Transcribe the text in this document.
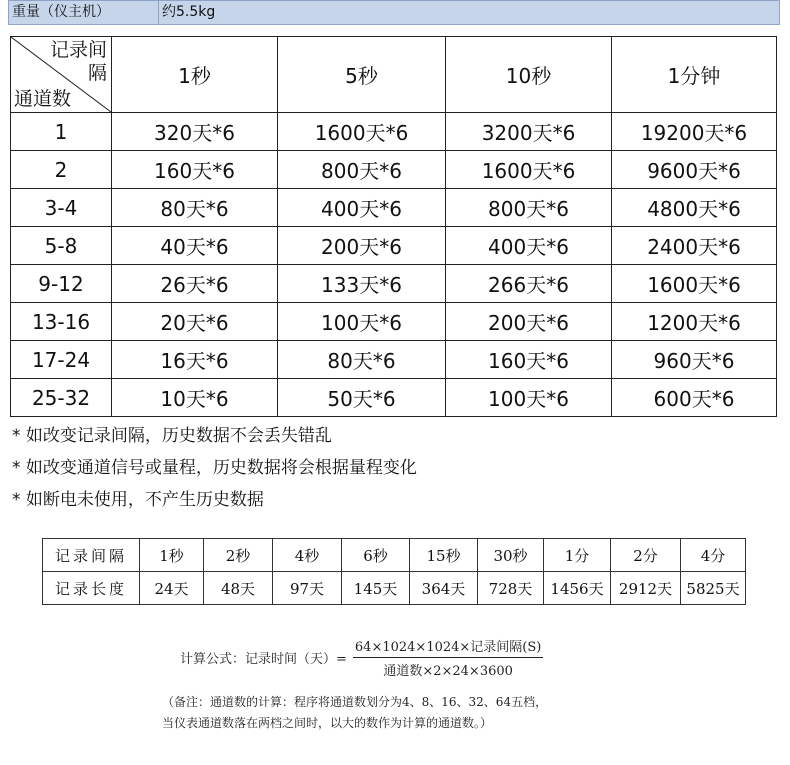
重量（仪主机）	约5.5kg
记录间隔
通道数	1秒	5秒	10秒	1分钟
1	320天*6	1600天*6	3200天*6	19200天*6
2	160天*6	800天*6	1600天*6	9600天*6
3-4	80天*6	400天*6	800天*6	4800天*6
5-8	40天*6	200天*6	400天*6	2400天*6
9-12	26天*6	133天*6	266天*6	1600天*6
13-16	20天*6	100天*6	200天*6	1200天*6
17-24	16天*6	80天*6	160天*6	960天*6
25-32	10天*6	50天*6	100天*6	600天*6

* 如改变记录间隔，历史数据不会丢失错乱

* 如改变通道信号或量程，历史数据将会根据量程变化

* 如断电未使用，不产生历史数据

记录间隔	1秒	2秒	4秒	6秒	15秒	30秒	1分	2分	4分
记录长度	24天	48天	97天	145天	364天	728天	1456天	2912天	5825天
计算公式：记录时间（天）= $\frac{\text{64×1024×1024×记录间隔(S)}}{\text{通道数×2×24×3600}}$

（备注：通道数的计算：程序将通道数划分为4、8、16、32、64五档，

当仪表通道数落在两档之间时，以大的数作为计算的通道数。）
